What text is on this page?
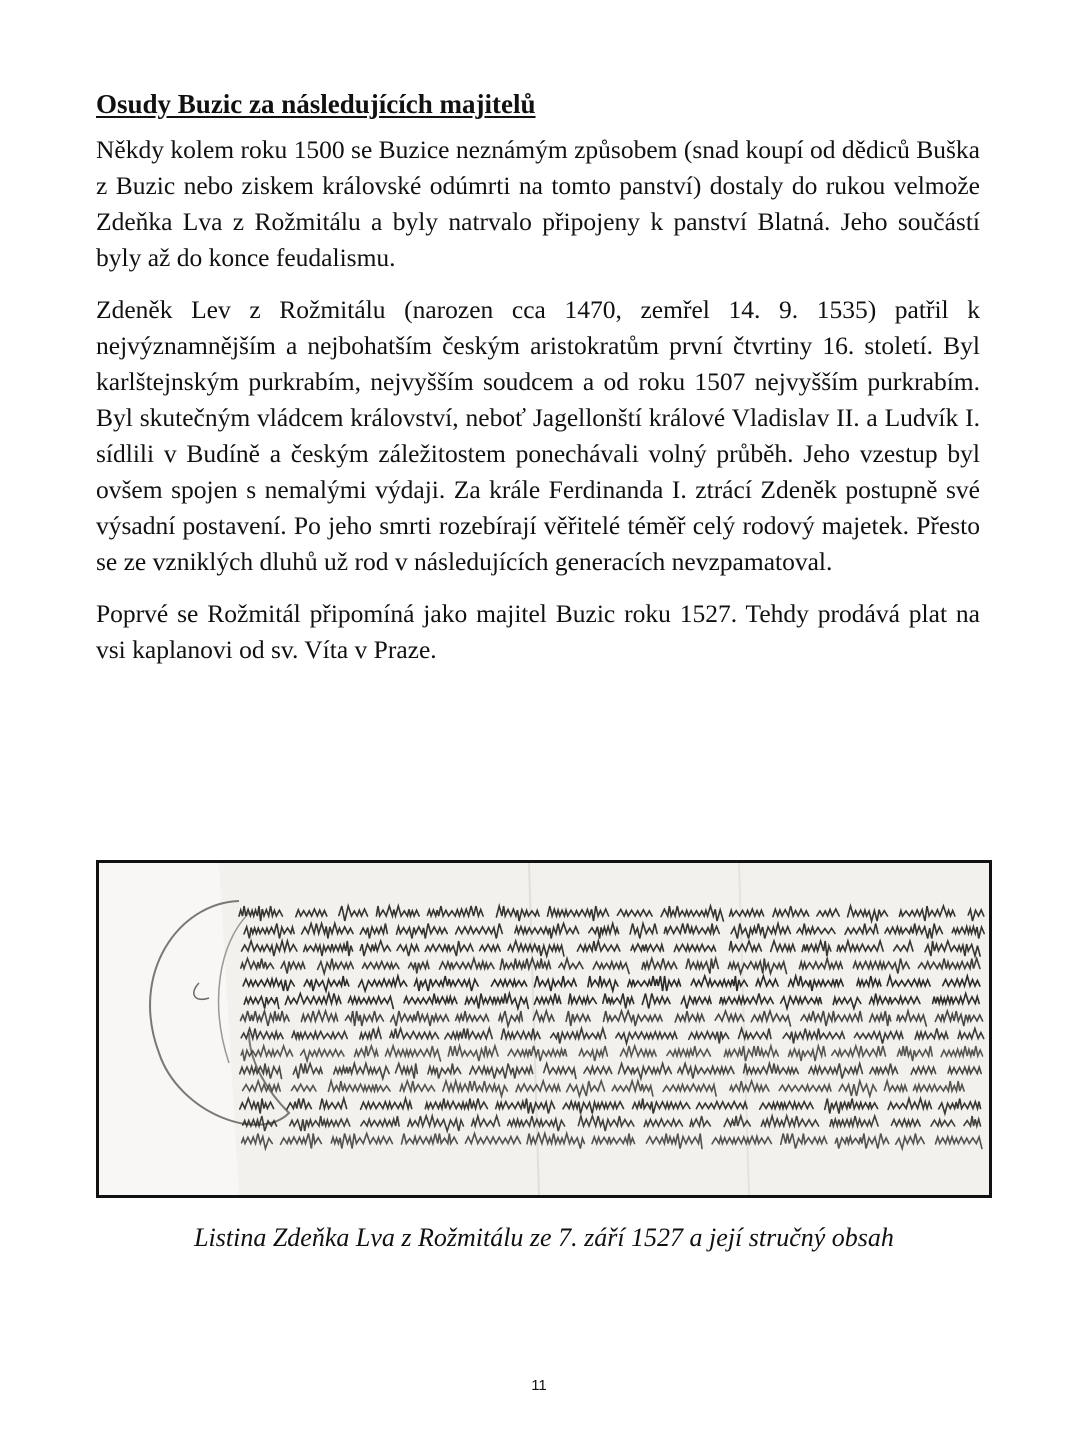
Osudy Buzic za následujících majitelů

Někdy kolem roku 1500 se Buzice neznámým způsobem (snad koupí od dědiců Buška z Buzic nebo ziskem královské odúmrti na tomto panství) dostaly do rukou velmože Zdeňka Lva z Rožmitálu a byly natrvalo připojeny k panství Blatná. Jeho součástí byly až do konce feudalismu.

Zdeněk Lev z Rožmitálu (narozen cca 1470, zemřel 14. 9. 1535) patřil k nejvýznamnějším a nejbohatším českým aristokratům první čtvrtiny 16. století. Byl karlštejnským purkrabím, nejvyšším soudcem a od roku 1507 nejvyšším purkrabím. Byl skutečným vládcem království, neboť Jagellonští králové Vladislav II. a Ludvík I. sídlili v Budíně a českým záležitostem ponechávali volný průběh. Jeho vzestup byl ovšem spojen s nemalými výdaji. Za krále Ferdinanda I. ztrácí Zdeněk postupně své výsadní postavení. Po jeho smrti rozebírají věřitelé téměř celý rodový majetek. Přesto se ze vzniklých dluhů už rod v následujících generacích nevzpamatoval.

Poprvé se Rožmitál připomíná jako majitel Buzic roku 1527. Tehdy prodává plat na vsi kaplanovi od sv. Víta v Praze.

Listina Zdeňka Lva z Rožmitálu ze 7. září 1527 a její stručný obsah
11
